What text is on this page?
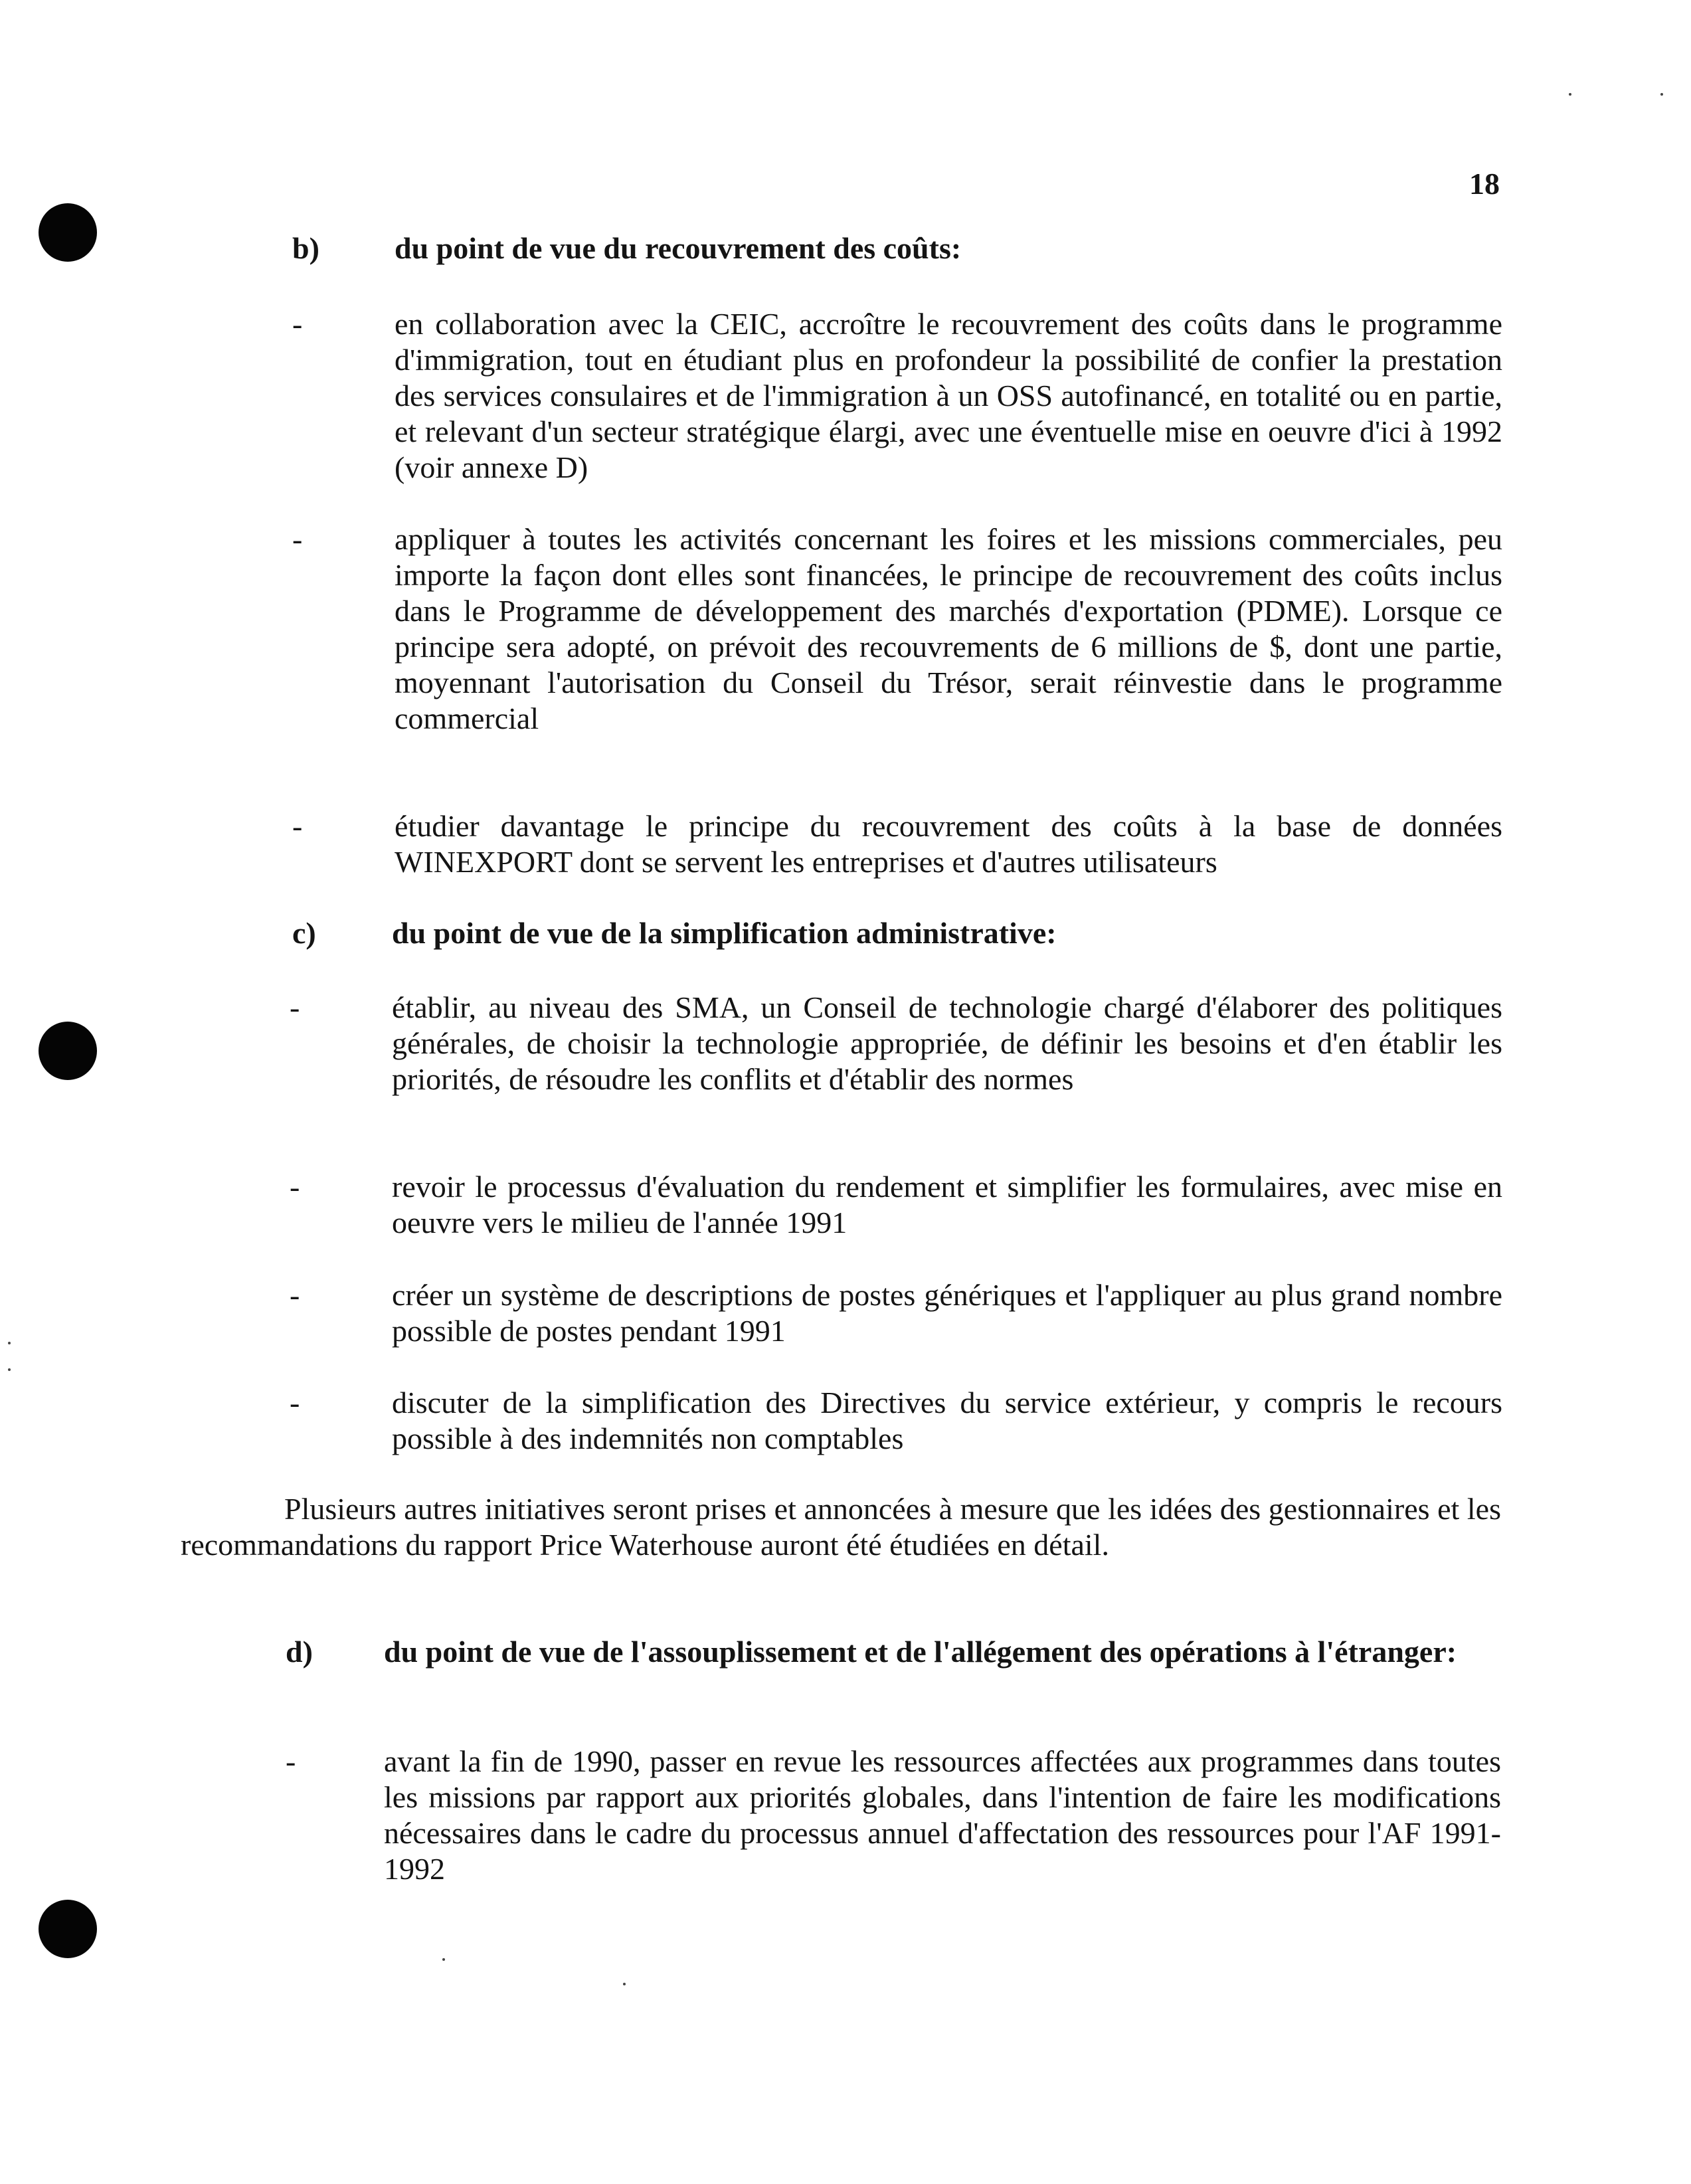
18
b) du point de vue du recouvrement des coûts:
-	en collaboration avec la CEIC, accroître le recouvrement des coûts dans le programme d'immigration, tout en étudiant plus en profondeur la possibilité de confier la prestation des services consulaires et de l'immigration à un OSS autofinancé, en totalité ou en partie, et relevant d'un secteur stratégique élargi, avec une éventuelle mise en oeuvre d'ici à 1992 (voir annexe D)
-	appliquer à toutes les activités concernant les foires et les missions commerciales, peu importe la façon dont elles sont financées, le principe de recouvrement des coûts inclus dans le Programme de développement des marchés d'exportation (PDME). Lorsque ce principe sera adopté, on prévoit des recouvrements de 6 millions de $, dont une partie, moyennant l'autorisation du Conseil du Trésor, serait réinvestie dans le programme commercial
-	étudier davantage le principe du recouvrement des coûts à la base de données WINEXPORT dont se servent les entreprises et d'autres utilisateurs
c) du point de vue de la simplification administrative:
-	établir, au niveau des SMA, un Conseil de technologie chargé d'élaborer des politiques générales, de choisir la technologie appropriée, de définir les besoins et d'en établir les priorités, de résoudre les conflits et d'établir des normes
-	revoir le processus d'évaluation du rendement et simplifier les formulaires, avec mise en oeuvre vers le milieu de l'année 1991
-	créer un système de descriptions de postes génériques et l'appliquer au plus grand nombre possible de postes pendant 1991
-	discuter de la simplification des Directives du service extérieur, y compris le recours possible à des indemnités non comptables
Plusieurs autres initiatives seront prises et annoncées à mesure que les idées des gestionnaires et les recommandations du rapport Price Waterhouse auront été étudiées en détail.
d) du point de vue de l'assouplissement et de l'allégement des opérations à l'étranger:
-	avant la fin de 1990, passer en revue les ressources affectées aux programmes dans toutes les missions par rapport aux priorités globales, dans l'intention de faire les modifications nécessaires dans le cadre du processus annuel d'affectation des ressources pour l'AF 1991-1992
